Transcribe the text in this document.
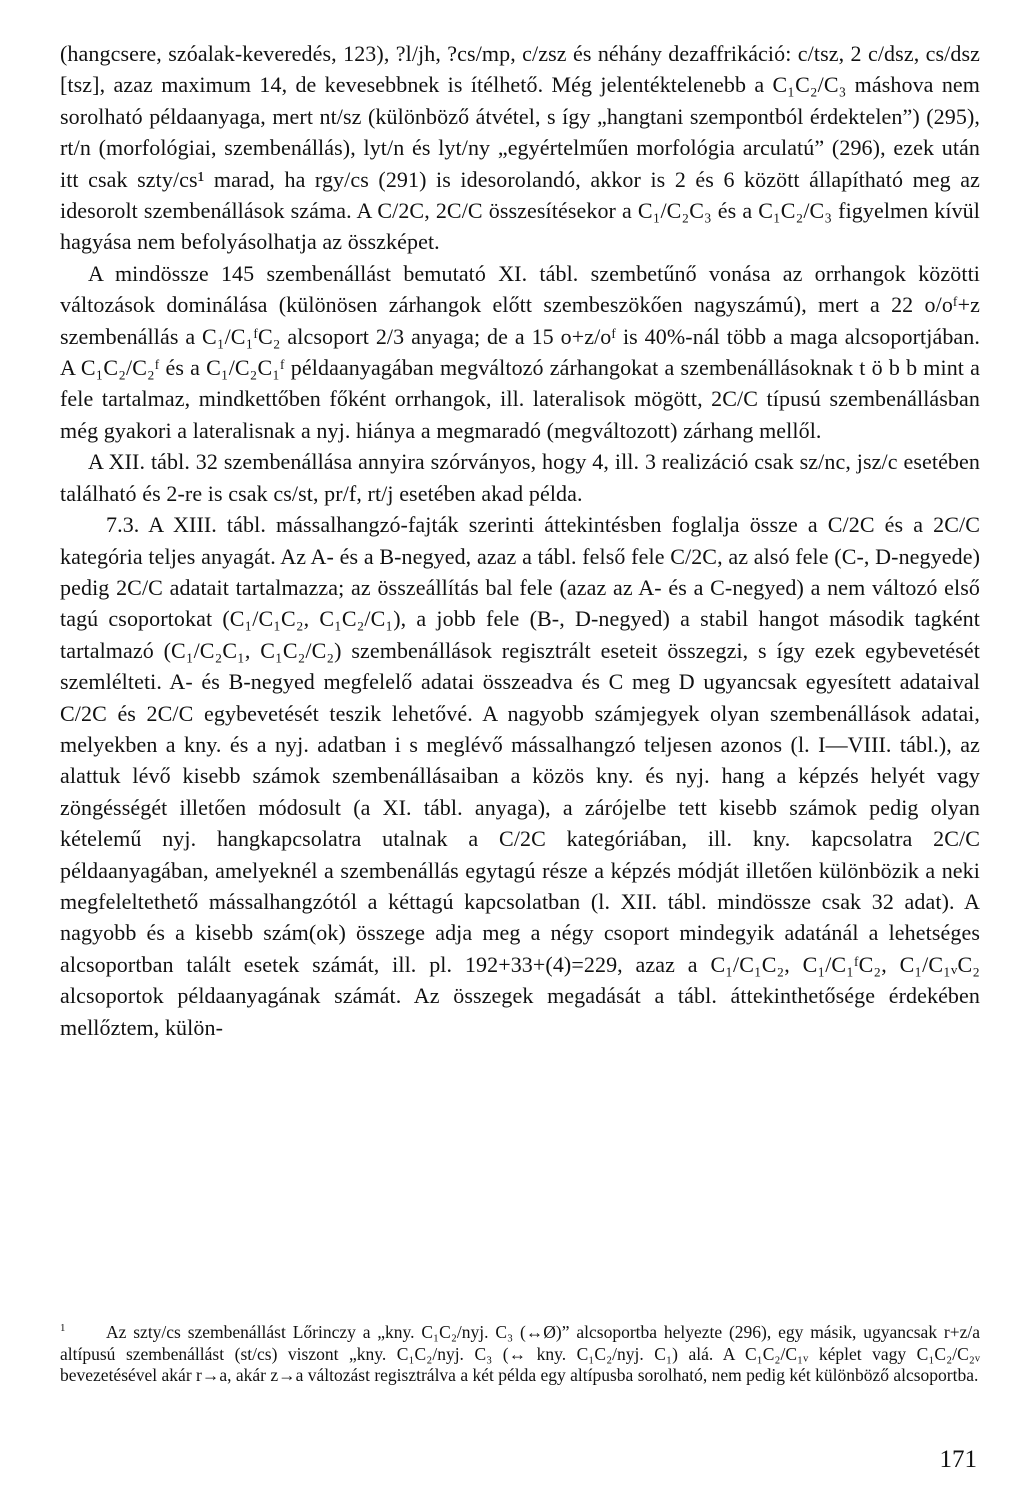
(hangcsere, szóalak-keveredés, 123), ?l/jh, ?cs/mp, c/zsz és néhány dezaffrikáció: c/tsz, 2 c/dsz, cs/dsz [tsz], azaz maximum 14, de kevesebbnek is ítélhető. Még jelentéktelenebb a C₁C₂/C₃ máshova nem sorolható példaanyaga, mert nt/sz (különböző átvétel, s így „hangtani szempontból érdektelen”) (295), rt/n (morfológiai, szembenállás), lyt/n és lyt/ny „egyértelműen morfológia arculatú” (296), ezek után itt csak szty/cs¹ marad, ha rgy/cs (291) is idesorolandó, akkor is 2 és 6 között állapítható meg az idesorolt szembenállások száma. A C/2C, 2C/C összesítésekor a C₁/C₂C₃ és a C₁C₂/C₃ figyelmen kívül hagyása nem befolyásolhatja az összképet.

A mindössze 145 szembenállást bemutató XI. tábl. szembetűnő vonása az orrhangok közötti változások dominálása (különösen zárhangok előtt szembeszökően nagyszámú), mert a 22 o/oᶠ+z szembenállás a C₁/C₁ᶠC₂ alcsoport 2/3 anyaga; de a 15 o+z/oᶠ is 40%-nál több a maga alcsoportjában. A C₁C₂/C₂ᶠ és a C₁/C₂C₁ᶠ példaanyagában megváltozó zárhangokat a szembenállásoknak t ö b b mint a fele tartalmaz, mindkettőben főként orrhangok, ill. lateralisok mögött, 2C/C típusú szembenállásban még gyakori a lateralisnak a nyj. hiánya a megmaradó (megváltozott) zárhang mellől.

A XII. tábl. 32 szembenállása annyira szórványos, hogy 4, ill. 3 realizáció csak sz/nc, jsz/c esetében található és 2-re is csak cs/st, pr/f, rt/j esetében akad példa.

7.3. A XIII. tábl. mássalhangzó-fajták szerinti áttekintésben foglalja össze a C/2C és a 2C/C kategória teljes anyagát. Az A- és a B-negyed, azaz a tábl. felső fele C/2C, az alsó fele (C-, D-negyede) pedig 2C/C adatait tartalmazza; az összeállítás bal fele (azaz az A- és a C-negyed) a nem változó első tagú csoportokat (C₁/C₁C₂, C₁C₂/C₁), a jobb fele (B-, D-negyed) a stabil hangot második tagként tartalmazó (C₁/C₂C₁, C₁C₂/C₂) szembenállások regisztrált eseteit összegzi, s így ezek egybevetését szemlélteti. A- és B-negyed megfelelő adatai összeadva és C meg D ugyancsak egyesített adataival C/2C és 2C/C egybevetését teszik lehetővé. A nagyobb számjegyek olyan szembenállások adatai, melyekben a kny. és a nyj. adatban i s meglévő mássalhangzó teljesen azonos (l. I—VIII. tábl.), az alattuk lévő kisebb számok szembenállásaiban a közös kny. és nyj. hang a képzés helyét vagy zöngésségét illetően módosult (a XI. tábl. anyaga), a zárójelbe tett kisebb számok pedig olyan kételemű nyj. hangkapcsolatra utalnak a C/2C kategóriában, ill. kny. kapcsolatra 2C/C példaanyagában, amelyeknél a szembenállás egytagú része a képzés módját illetően különbözik a neki megfeleltethető mássalhangzótól a kéttagú kapcsolatban (l. XII. tábl. mindössze csak 32 adat). A nagyobb és a kisebb szám(ok) összege adja meg a négy csoport mindegyik adatánál a lehetséges alcsoportban talált esetek számát, ill. pl. 192+33+(4)=229, azaz a C₁/C₁C₂, C₁/C₁ᶠC₂, C₁/C₁ᵥC₂ alcsoportok példaanyagának számát. Az összegek megadását a tábl. áttekinthetősége érdekében mellőztem, külön-

$^1$ Az szty/cs szembenállást Lőrinczy a „kny. C₁C₂/nyj. C₃ (↔Ø)” alcsoportba helyezte (296), egy másik, ugyancsak r+z/a altípusú szembenállást (st/cs) viszont „kny. C₁C₂/nyj. C₃ (↔ kny. C₁C₂/nyj. C₁) alá. A C₁C₂/C₁ᵥ képlet vagy C₁C₂/C₂ᵥ bevezetésével akár r→a, akár z→a változást regisztrálva a két példa egy altípusba sorolható, nem pedig két különböző alcsoportba.
171
